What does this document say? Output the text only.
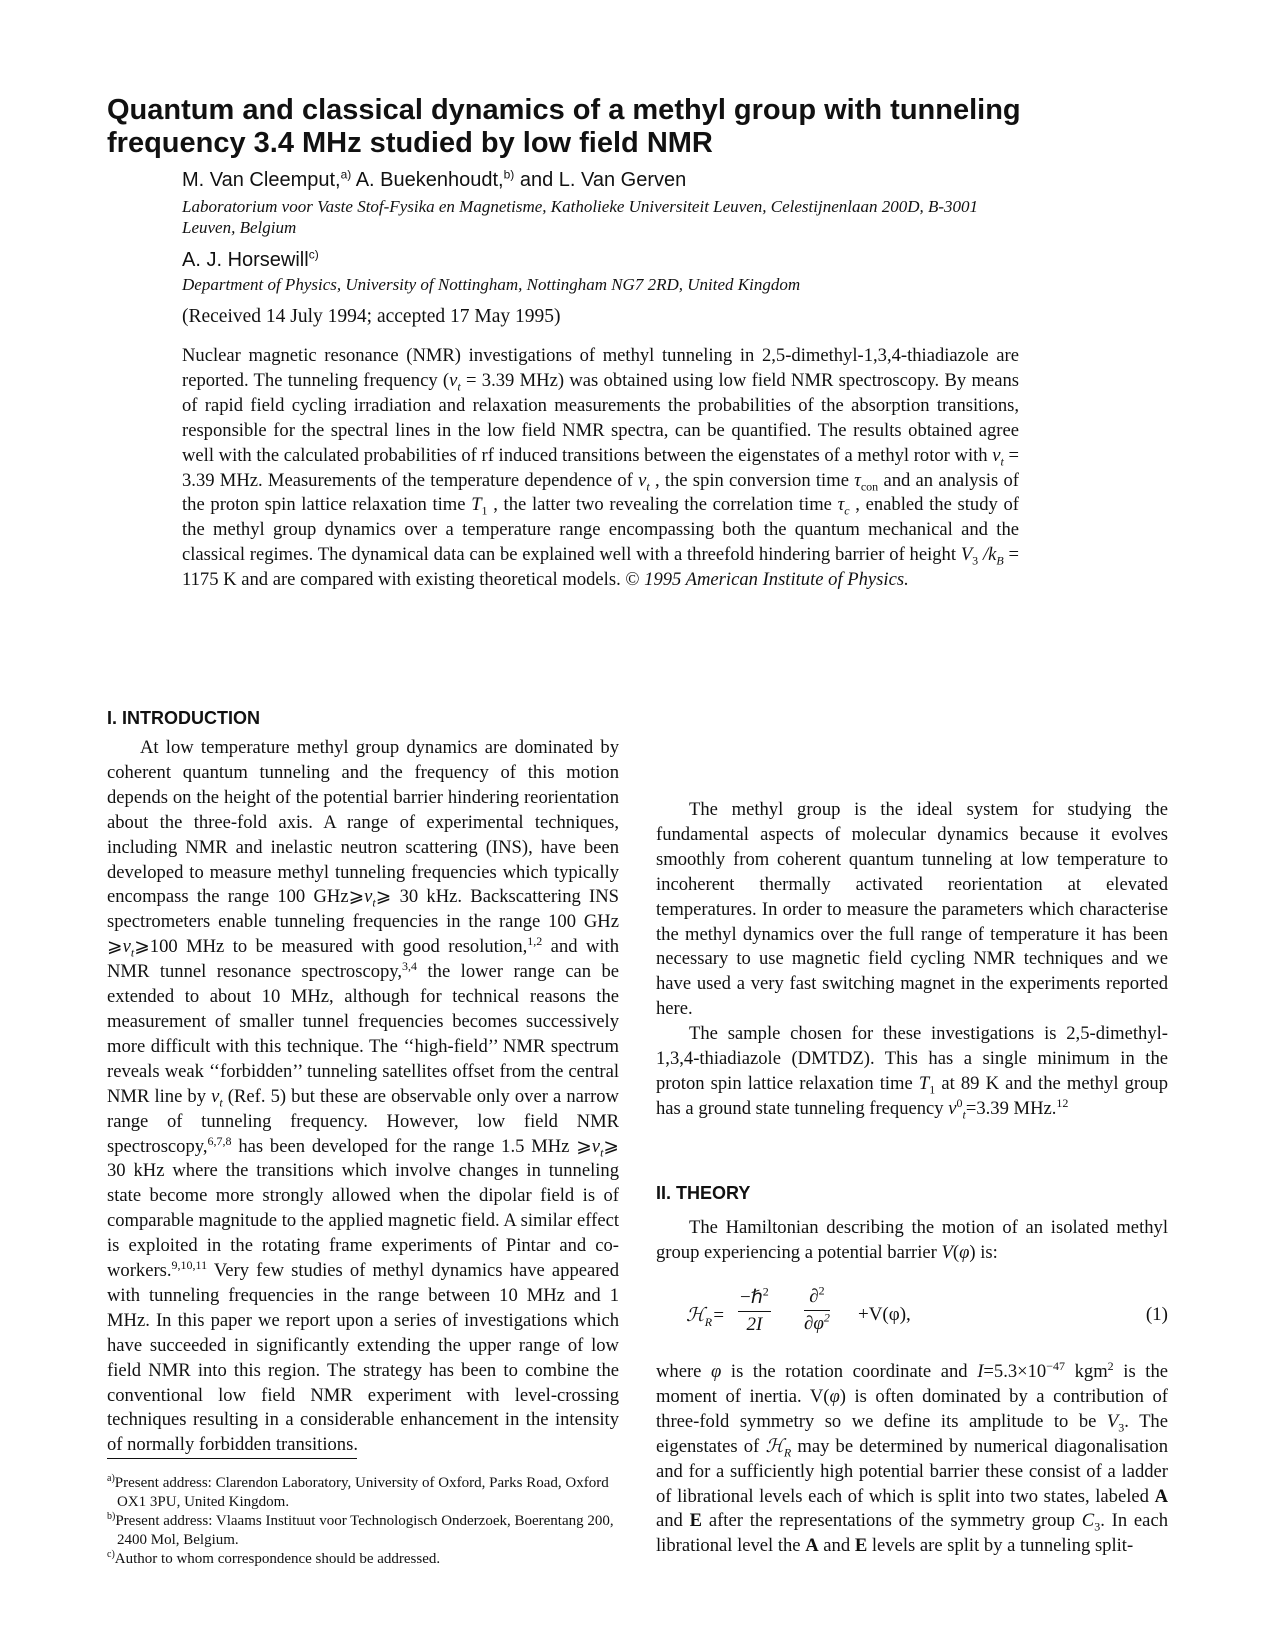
Quantum and classical dynamics of a methyl group with tunneling frequency 3.4 MHz studied by low field NMR
M. Van Cleemput,$^{a)}$ A. Buekenhoudt,$^{b)}$ and L. Van Gerven
Laboratorium voor Vaste Stof-Fysika en Magnetisme, Katholieke Universiteit Leuven, Celestijnenlaan 200D, B-3001 Leuven, Belgium
A. J. Horsewill$^{c)}$
Department of Physics, University of Nottingham, Nottingham NG7 2RD, United Kingdom
(Received 14 July 1994; accepted 17 May 1995)

Nuclear magnetic resonance (NMR) investigations of methyl tunneling in 2,5-dimethyl-1,3,4-thiadiazole are reported. The tunneling frequency ($\nu_t = 3.39$ MHz) was obtained using low field NMR spectroscopy. By means of rapid field cycling irradiation and relaxation measurements the probabilities of the absorption transitions, responsible for the spectral lines in the low field NMR spectra, can be quantified. The results obtained agree well with the calculated probabilities of rf induced transitions between the eigenstates of a methyl rotor with $\nu_t = 3.39$ MHz. Measurements of the temperature dependence of $\nu_t$ , the spin conversion time $\tau_{con}$ and an analysis of the proton spin lattice relaxation time $T_1$ , the latter two revealing the correlation time $\tau_c$ , enabled the study of the methyl group dynamics over a temperature range encompassing both the quantum mechanical and the classical regimes. The dynamical data can be explained well with a threefold hindering barrier of height $V_3$ $/k_B = 1175$ K and are compared with existing theoretical models. © 1995 American Institute of Physics.

I. INTRODUCTION

At low temperature methyl group dynamics are dominated by coherent quantum tunneling and the frequency of this motion depends on the height of the potential barrier hindering reorientation about the three-fold axis. A range of experimental techniques, including NMR and inelastic neutron scattering (INS), have been developed to measure methyl tunneling frequencies which typically encompass the range 100 $GHz⩾\nu_t⩾$ 30 kHz. Backscattering INS spectrometers enable tunneling frequencies in the range 100 GHz $⩾\nu_t⩾100$ MHz to be measured with good resolution,$^{1,2}$ and with NMR tunnel resonance spectroscopy,$^{3,4}$ the lower range can be extended to about 10 MHz, although for technical reasons the measurement of smaller tunnel frequencies becomes successively more difficult with this technique. The ‘‘high-field’’ NMR spectrum reveals weak ‘‘forbidden’’ tunneling satellites offset from the central NMR line by $\nu_t$ (Ref. 5) but these are observable only over a narrow range of tunneling frequency. However, low field NMR spectroscopy,$^{6,7,8}$ has been developed for the range 1.5 MHz $⩾\nu_t⩾$ 30 kHz where the transitions which involve changes in tunneling state become more strongly allowed when the dipolar field is of comparable magnitude to the applied magnetic field. A similar effect is exploited in the rotating frame experiments of Pintar and co-workers.$^{9,10,11}$ Very few studies of methyl dynamics have appeared with tunneling frequencies in the range between 10 MHz and 1 MHz. In this paper we report upon a series of investigations which have succeeded in significantly extending the upper range of low field NMR into this region. The strategy has been to combine the conventional low field NMR experiment with level-crossing techniques resulting in a considerable enhancement in the intensity of normally forbidden transitions.

The methyl group is the ideal system for studying the fundamental aspects of molecular dynamics because it evolves smoothly from coherent quantum tunneling at low temperature to incoherent thermally activated reorientation at elevated temperatures. In order to measure the parameters which characterise the methyl dynamics over the full range of temperature it has been necessary to use magnetic field cycling NMR techniques and we have used a very fast switching magnet in the experiments reported here.

The sample chosen for these investigations is 2,5-dimethyl-1,3,4-thiadiazole (DMTDZ). This has a single minimum in the proton spin lattice relaxation time $T_1$ at 89 K and the methyl group has a ground state tunneling frequency $\nu^0_t=3.39$ MHz.$^{12}$

II. THEORY

The Hamiltonian describing the motion of an isolated methyl group experiencing a potential barrier V(φ) is:

ℋ$_R$=
−ℏ$^2$
2I	$\frac{\partial^2}{\partial\varphi^2} +V(\varphi)$,	(1)

where φ is the rotation coordinate and $I=5.3\times 10^{-47}$ kgm$^2$ is the moment of inertia. V(φ) is often dominated by a contribution of three-fold symmetry so we define its amplitude to be $V_3$. The eigenstates of ℋ$_R$ may be determined by numerical diagonalisation and for a sufficiently high potential barrier these consist of a ladder of librational levels each of which is split into two states, labeled A and E after the representations of the symmetry group $C_3$. In each librational level the A and E levels are split by a tunneling split-

$^{a)}$Present address: Clarendon Laboratory, University of Oxford, Parks Road, Oxford OX1 3PU, United Kingdom.

$^{b)}$Present address: Vlaams Instituut voor Technologisch Onderzoek, Boerentang 200, 2400 Mol, Belgium.

$^{c)}$Author to whom correspondence should be addressed.
